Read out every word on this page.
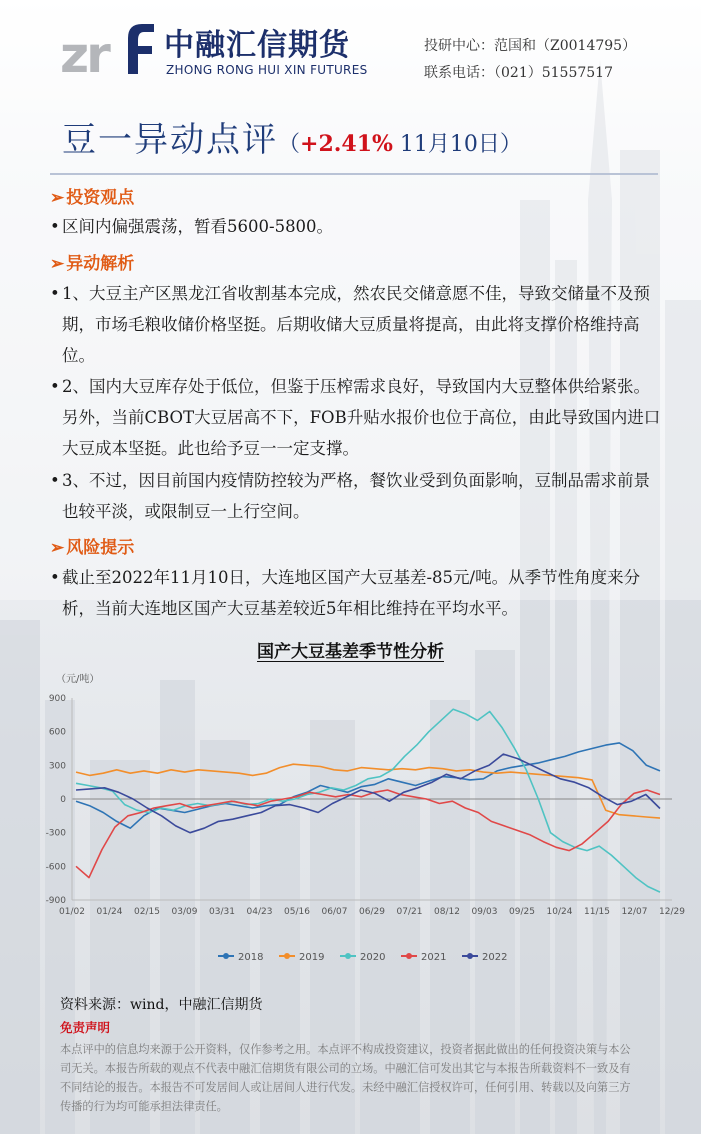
zr 中融汇信期货
ZHONG RONG HUI XIN FUTURES
投研中心：范国和（Z0014795）
联系电话：（021）51557517
豆一异动点评（+2.41% 11月10日）
➢ 投资观点
• 区间内偏强震荡，暂看5600-5800。
➢ 异动解析
• 1、大豆主产区黑龙江省收割基本完成，然农民交储意愿不佳，导致交储量不及预期，市场毛粮收储价格坚挺。后期收储大豆质量将提高，由此将支撑价格维持高位。
• 2、国内大豆库存处于低位，但鉴于压榨需求良好，导致国内大豆整体供给紧张。另外，当前CBOT大豆居高不下，FOB升贴水报价也位于高位，由此导致国内进口大豆成本坚挺。此也给予豆一一定支撑。
• 3、不过，因目前国内疫情防控较为严格，餐饮业受到负面影响，豆制品需求前景也较平淡，或限制豆一上行空间。
➢ 风险提示
• 截止至2022年11月10日，大连地区国产大豆基差-85元/吨。从季节性角度来分析，当前大连地区国产大豆基差较近5年相比维持在平均水平。
国产大豆基差季节性分析
（元/吨）
900
600
300
0
-300
-600
-900
01/02 01/24 02/15 03/09 03/31 04/23 05/16 06/07 06/29 07/21 08/12 09/03 09/25 10/24 11/15 12/07 12/29
2018	2019	2020	2021	2022
资料来源：wind，中融汇信期货
免责声明
本点评中的信息均来源于公开资料，仅作参考之用。本点评不构成投资建议，投资者据此做出的任何投资决策与本公司无关。本报告所载的观点不代表中融汇信期货有限公司的立场。中融汇信可发出其它与本报告所载资料不一致及有不同结论的报告。本报告不可发居间人或让居间人进行代发。未经中融汇信授权许可，任何引用、转载以及向第三方传播的行为均可能承担法律责任。
